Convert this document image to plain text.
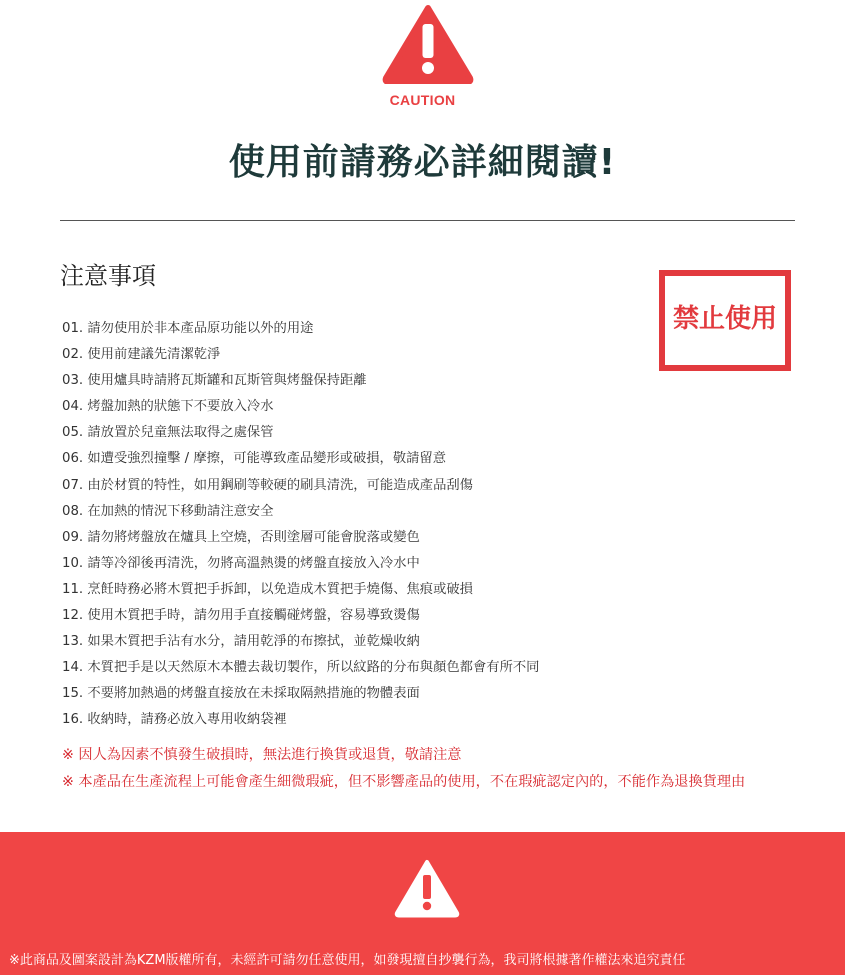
CAUTION
使用前請務必詳細閱讀!
注意事項
禁止使用
01. 請勿使用於非本產品原功能以外的用途
02. 使用前建議先清潔乾淨
03. 使用爐具時請將瓦斯罐和瓦斯管與烤盤保持距離
04. 烤盤加熱的狀態下不要放入冷水
05. 請放置於兒童無法取得之處保管
06. 如遭受強烈撞擊 / 摩擦，可能導致產品變形或破損，敬請留意
07. 由於材質的特性，如用鋼刷等較硬的刷具清洗，可能造成產品刮傷
08. 在加熱的情況下移動請注意安全
09. 請勿將烤盤放在爐具上空燒，否則塗層可能會脫落或變色
10. 請等冷卻後再清洗，勿將高溫熱燙的烤盤直接放入冷水中
11. 烹飪時務必將木質把手拆卸，以免造成木質把手燒傷、焦痕或破損
12. 使用木質把手時，請勿用手直接觸碰烤盤，容易導致燙傷
13. 如果木質把手沾有水分，請用乾淨的布擦拭，並乾燥收納
14. 木質把手是以天然原木本體去裁切製作，所以紋路的分布與顏色都會有所不同
15. 不要將加熱過的烤盤直接放在未採取隔熱措施的物體表面
16. 收納時，請務必放入專用收納袋裡
※ 因人為因素不慎發生破損時，無法進行換貨或退貨，敬請注意
※ 本產品在生產流程上可能會產生細微瑕疵，但不影響產品的使用，不在瑕疵認定內的，不能作為退換貨理由
※此商品及圖案設計為KZM版權所有，未經許可請勿任意使用，如發現擅自抄襲行為，我司將根據著作權法來追究責任
